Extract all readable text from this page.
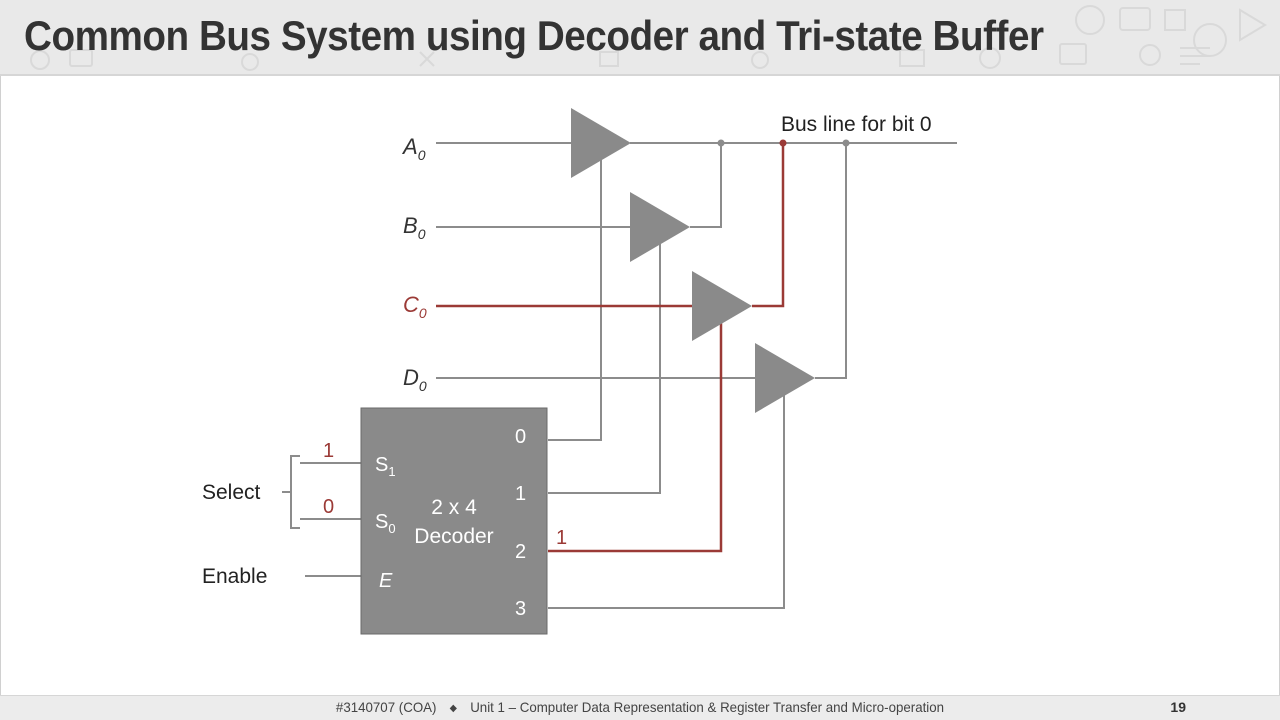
Common Bus System using Decoder and Tri-state Buffer
Bus line for bit 0
$A_0$
$B_0$
$C_0$
$D_0$
$S_1$
$S_0$
E
2 x 4
Decoder
0
1
2
3
1
0
1
Select
Enable
#3140707 (COA) ◆ Unit 1 – Computer Data Representation & Register Transfer and Micro-operation	19
